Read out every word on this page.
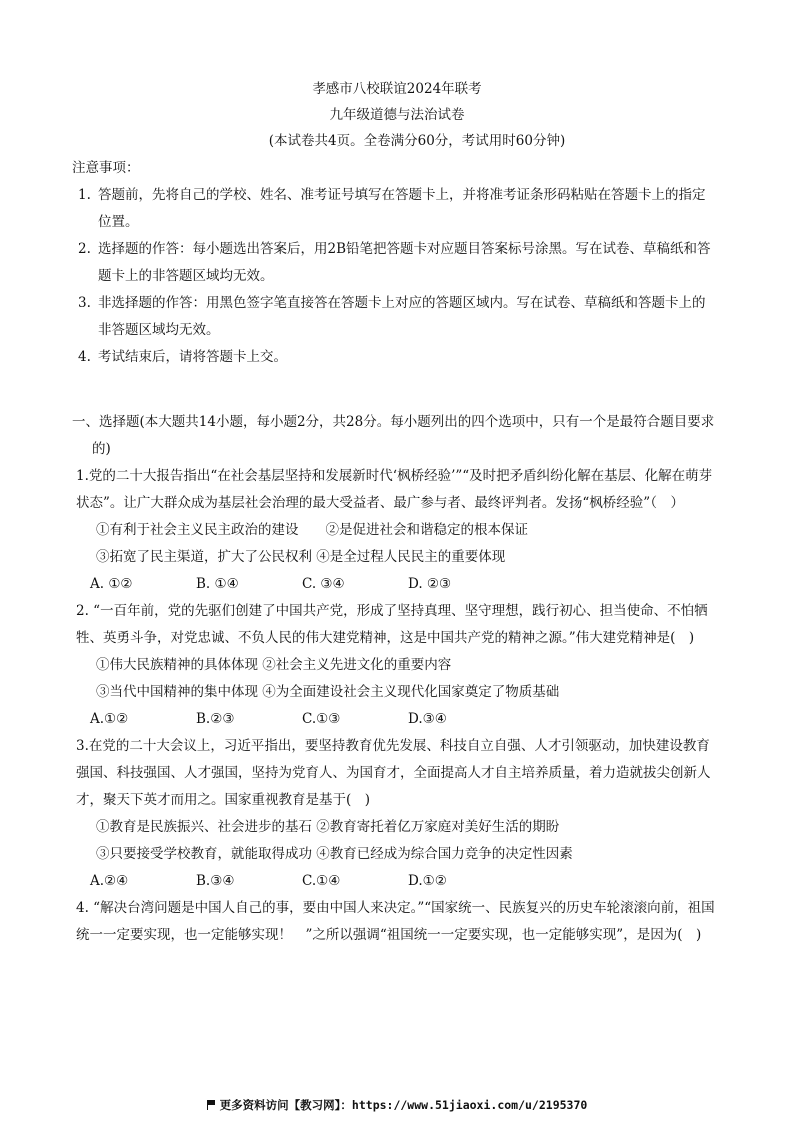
孝感市八校联谊2024年联考
九年级道德与法治试卷
(本试卷共4页。全卷满分60分，考试用时60分钟)

注意事项：

1. 答题前，先将自己的学校、姓名、准考证号填写在答题卡上，并将准考证条形码粘贴在答题卡上的指定位置。
2. 选择题的作答：每小题选出答案后，用2B铅笔把答题卡对应题目答案标号涂黑。写在试卷、草稿纸和答题卡上的非答题区域均无效。
3. 非选择题的作答：用黑色签字笔直接答在答题卡上对应的答题区域内。写在试卷、草稿纸和答题卡上的非答题区域均无效。
4. 考试结束后，请将答题卡上交。

一、选择题(本大题共14小题，每小题2分，共28分。每小题列出的四个选项中，只有一个是最符合题目要求的)

1.党的二十大报告指出“在社会基层坚持和发展新时代‘枫桥经验’”“及时把矛盾纠纷化解在基层、化解在萌芽状态”。让广大群众成为基层社会治理的最大受益者、最广参与者、最终评判者。发扬“枫桥经验”（　）

①有利于社会主义民主政治的建设　　②是促进社会和谐稳定的根本保证

③拓宽了民主渠道，扩大了公民权利 ④是全过程人民民主的重要体现

A. ①②	B. ①④	C. ③④	D. ②③

2. “一百年前，党的先驱们创建了中国共产党，形成了坚持真理、坚守理想，践行初心、担当使命、不怕牺牲、英勇斗争，对党忠诚、不负人民的伟大建党精神，这是中国共产党的精神之源。”伟大建党精神是(　)

①伟大民族精神的具体体现 ②社会主义先进文化的重要内容

③当代中国精神的集中体现 ④为全面建设社会主义现代化国家奠定了物质基础

A.①②	B.②③	C.①③	D.③④

3.在党的二十大会议上，习近平指出，要坚持教育优先发展、科技自立自强、人才引领驱动，加快建设教育强国、科技强国、人才强国，坚持为党育人、为国育才，全面提高人才自主培养质量，着力造就拔尖创新人才，聚天下英才而用之。国家重视教育是基于(　)

①教育是民族振兴、社会进步的基石 ②教育寄托着亿万家庭对美好生活的期盼

③只要接受学校教育，就能取得成功 ④教育已经成为综合国力竞争的决定性因素

A.②④	B.③④	C.①④	D.①②

4. “解决台湾问题是中国人自己的事，要由中国人来决定。”“国家统一、民族复兴的历史车轮滚滚向前，祖国统一一定要实现，也一定能够实现！　”之所以强调“祖国统一一定要实现，也一定能够实现”，是因为(　)

更多资料访问【教习网】：https://www.51jiaoxi.com/u/2195370
